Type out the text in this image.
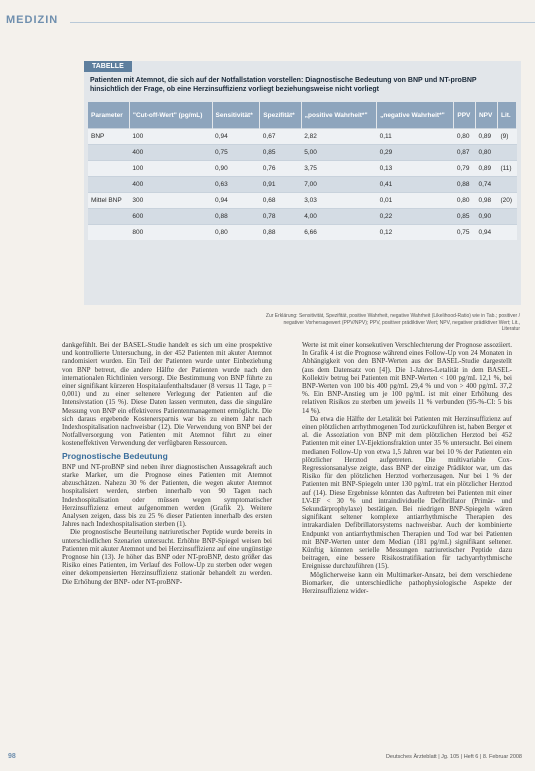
MEDIZIN
TABELLE
Patienten mit Atemnot, die sich auf der Notfallstation vorstellen: Diagnostische Bedeutung von BNP und NT-proBNP hinsichtlich der Frage, ob eine Herzinsuffizienz vorliegt beziehungsweise nicht vorliegt
Parameter	"Cut-off-Wert" (pg/mL)	Sensitivität*	Spezifität*	„positive Wahrheit*"	„negative Wahrheit*"	PPV	NPV	Lit.
BNP	100	0,94	0,67	2,82	0,11	0,80	0,89	(9)
	400	0,75	0,85	5,00	0,29	0,87	0,80	
	100	0,90	0,76	3,75	0,13	0,79	0,89	(11)
	400	0,63	0,91	7,00	0,41	0,88	0,74	
Mittel BNP	300	0,94	0,68	3,03	0,01	0,80	0,98	(20)
	600	0,88	0,78	4,00	0,22	0,85	0,90	
	800	0,80	0,88	6,66	0,12	0,75	0,94	
Zur Erklärung: Sensitivität, Spezifität, positive Wahrheit, negative Wahrheit (Likelihood-Ratio) wie in Tab.; positiver / negativer Vorhersagewert (PPV/NPV); PPV, positiver prädiktiver Wert; NPV, negativer prädiktiver Wert; Lit., Literatur

dankgefühlt. Bei der BASEL-Studie handelt es sich um eine prospektive und kontrollierte Untersuchung, in der 452 Patienten mit akuter Atemnot randomisiert wurden. Ein Teil der Patienten wurde unter Einbeziehung von BNP betreut, die andere Hälfte der Patienten wurde nach den internationalen Richtlinien versorgt. Die Bestimmung von BNP führte zu einer signifikant kürzeren Hospitalaufenthaltsdauer (8 versus 11 Tage, p = 0,001) und zu einer seltenere Verlegung der Patienten auf die Intensivstation (15 %). Diese Daten lassen vermuten, dass die singuläre Messung von BNP ein effektiveres Patientenmanagement ermöglicht. Die sich daraus ergebende Kostenersparnis war bis zu einem Jahr nach Indexhospitalisation nachweisbar (12). Die Verwendung von BNP bei der Notfallversorgung von Patienten mit Atemnot führt zu einer kosteneffektiven Verwendung der verfügbaren Ressourcen.

Prognostische Bedeutung

BNP und NT-proBNP sind neben ihrer diagnostischen Aussagekraft auch starke Marker, um die Prognose eines Patienten mit Atemnot abzuschätzen. Nahezu 30 % der Patienten, die wegen akuter Atemnot hospitalisiert werden, sterben innerhalb von 90 Tagen nach Indexhospitalisation oder müssen wegen symptomatischer Herzinsuffizienz erneut aufgenommen werden (Grafik 2). Weitere Analysen zeigen, dass bis zu 25 % dieser Patienten innerhalb des ersten Jahres nach Indexhospitalisation sterben (1).

Die prognostische Beurteilung natriuretischer Peptide wurde bereits in unterschiedlichen Szenarien untersucht. Erhöhte BNP-Spiegel weisen bei Patienten mit akuter Atemnot und bei Herzinsuffizienz auf eine ungünstige Prognose hin (13). Je höher das BNP oder NT-proBNP, desto größer das Risiko eines Patienten, im Verlauf des Follow-Up zu sterben oder wegen einer dekompensierten Herzinsuffizienz stationär behandelt zu werden. Die Erhöhung der BNP- oder NT-proBNP-

Werte ist mit einer konsekutiven Verschlechterung der Prognose assoziiert. In Grafik 4 ist die Prognose während eines Follow-Up von 24 Monaten in Abhängigkeit von den BNP-Werten aus der BASEL-Studie dargestellt (aus dem Datensatz von [4]). Die 1-Jahres-Letalität in dem BASEL-Kollektiv betrug bei Patienten mit BNP-Werten < 100 pg/mL 12,1 %, bei BNP-Werten von 100 bis 400 pg/mL 29,4 % und von > 400 pg/mL 37,2 %. Ein BNP-Anstieg um je 100 pg/mL ist mit einer Erhöhung des relativen Risikos zu sterben um jeweils 11 % verbunden (95-%-CI: 5 bis 14 %).

Da etwa die Hälfte der Letalität bei Patienten mit Herzinsuffizienz auf einen plötzlichen arrhythmogenen Tod zurückzuführen ist, haben Berger et al. die Assoziation von BNP mit dem plötzlichen Herztod bei 452 Patienten mit einer LV-Ejektionsfraktion unter 35 % untersucht. Bei einem medianen Follow-Up von etwa 1,5 Jahren war bei 10 % der Patienten ein plötzlicher Herztod aufgetreten. Die multivariable Cox-Regressionsanalyse zeigte, dass BNP der einzige Prädiktor war, um das Risiko für den plötzlichen Herztod vorherzusagen. Nur bei 1 % der Patienten mit BNP-Spiegeln unter 130 pg/mL trat ein plötzlicher Herztod auf (14). Diese Ergebnisse könnten das Auftreten bei Patienten mit einer LV-EF < 30 % und intraindividuelle Defibrillator (Primär- und Sekundärprophylaxe) bestätigen. Bei niedrigen BNP-Spiegeln wären signifikant seltener komplexe antiarrhythmische Therapien des intrakardialen Defibrillatorsystems nachweisbar. Auch der kombinierte Endpunkt von antiarrhythmischen Therapien und Tod war bei Patienten mit BNP-Werten unter dem Median (181 pg/mL) signifikant seltener. Künftig könnten serielle Messungen natriuretischer Peptide dazu beitragen, eine bessere Risikostratifikation für tachyarrhythmische Ereignisse durchzuführen (15).

Möglicherweise kann ein Multimarker-Ansatz, bei dem verschiedene Biomarker, die unterschiedliche pathophysiologische Aspekte der Herzinsuffizienz wider-

98	Deutsches Ärzteblatt | Jg. 105 | Heft 6 | 8. Februar 2008
